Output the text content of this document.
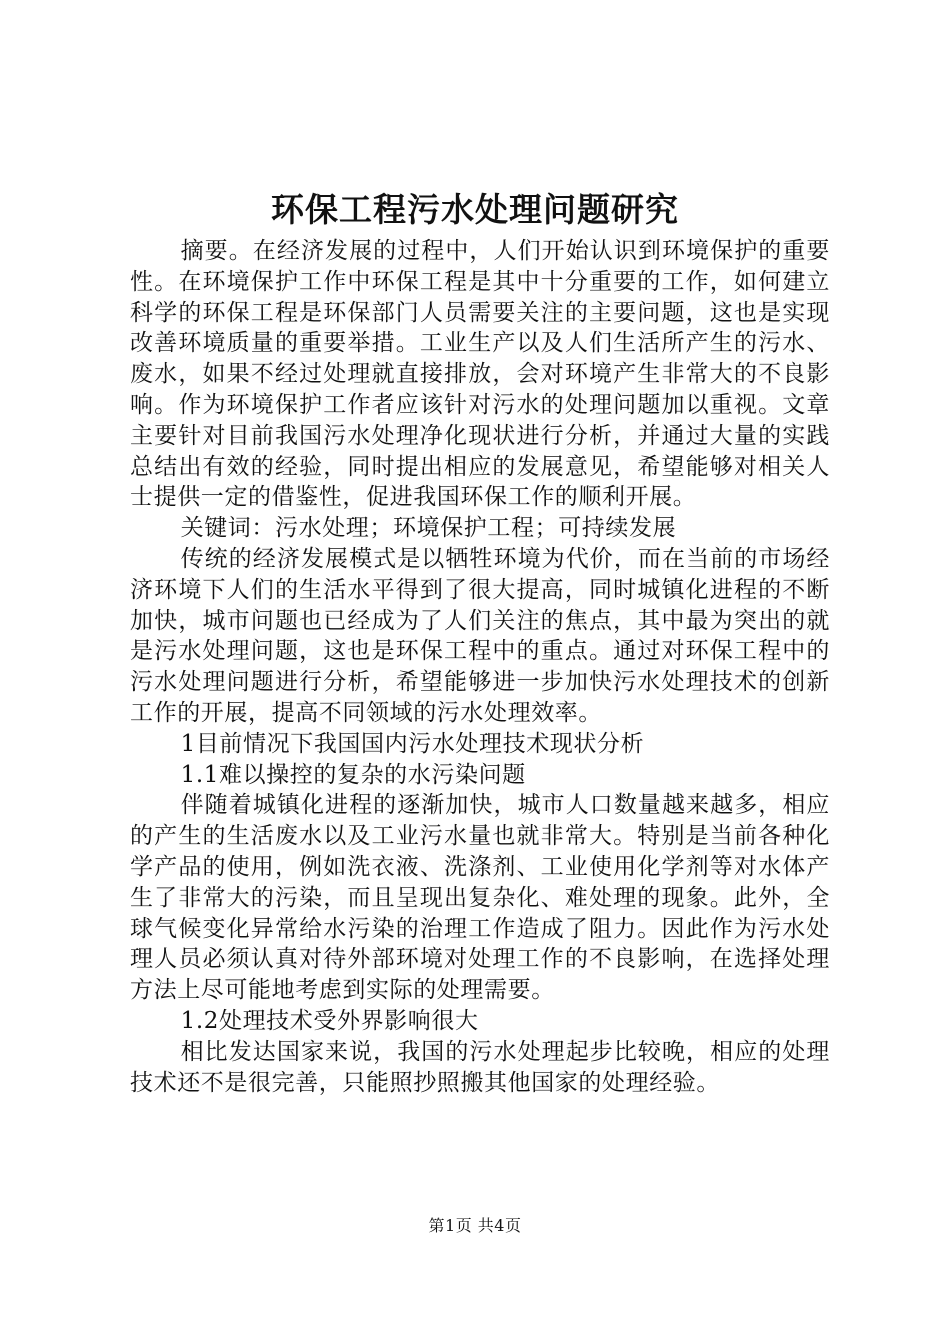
环保工程污水处理问题研究

摘要。在经济发展的过程中，人们开始认识到环境保护的重要性。在环境保护工作中环保工程是其中十分重要的工作，如何建立科学的环保工程是环保部门人员需要关注的主要问题，这也是实现改善环境质量的重要举措。工业生产以及人们生活所产生的污水、废水，如果不经过处理就直接排放，会对环境产生非常大的不良影响。作为环境保护工作者应该针对污水的处理问题加以重视。文章主要针对目前我国污水处理净化现状进行分析，并通过大量的实践总结出有效的经验，同时提出相应的发展意见，希望能够对相关人士提供一定的借鉴性，促进我国环保工作的顺利开展。

关键词：污水处理；环境保护工程；可持续发展

传统的经济发展模式是以牺牲环境为代价，而在当前的市场经济环境下人们的生活水平得到了很大提高，同时城镇化进程的不断加快，城市问题也已经成为了人们关注的焦点，其中最为突出的就是污水处理问题，这也是环保工程中的重点。通过对环保工程中的污水处理问题进行分析，希望能够进一步加快污水处理技术的创新工作的开展，提高不同领域的污水处理效率。

1目前情况下我国国内污水处理技术现状分析

1.1难以操控的复杂的水污染问题

伴随着城镇化进程的逐渐加快，城市人口数量越来越多，相应的产生的生活废水以及工业污水量也就非常大。特别是当前各种化学产品的使用，例如洗衣液、洗涤剂、工业使用化学剂等对水体产生了非常大的污染，而且呈现出复杂化、难处理的现象。此外，全球气候变化异常给水污染的治理工作造成了阻力。因此作为污水处理人员必须认真对待外部环境对处理工作的不良影响，在选择处理方法上尽可能地考虑到实际的处理需要。

1.2处理技术受外界影响很大

相比发达国家来说，我国的污水处理起步比较晚，相应的处理技术还不是很完善，只能照抄照搬其他国家的处理经验。

第1页 共4页
